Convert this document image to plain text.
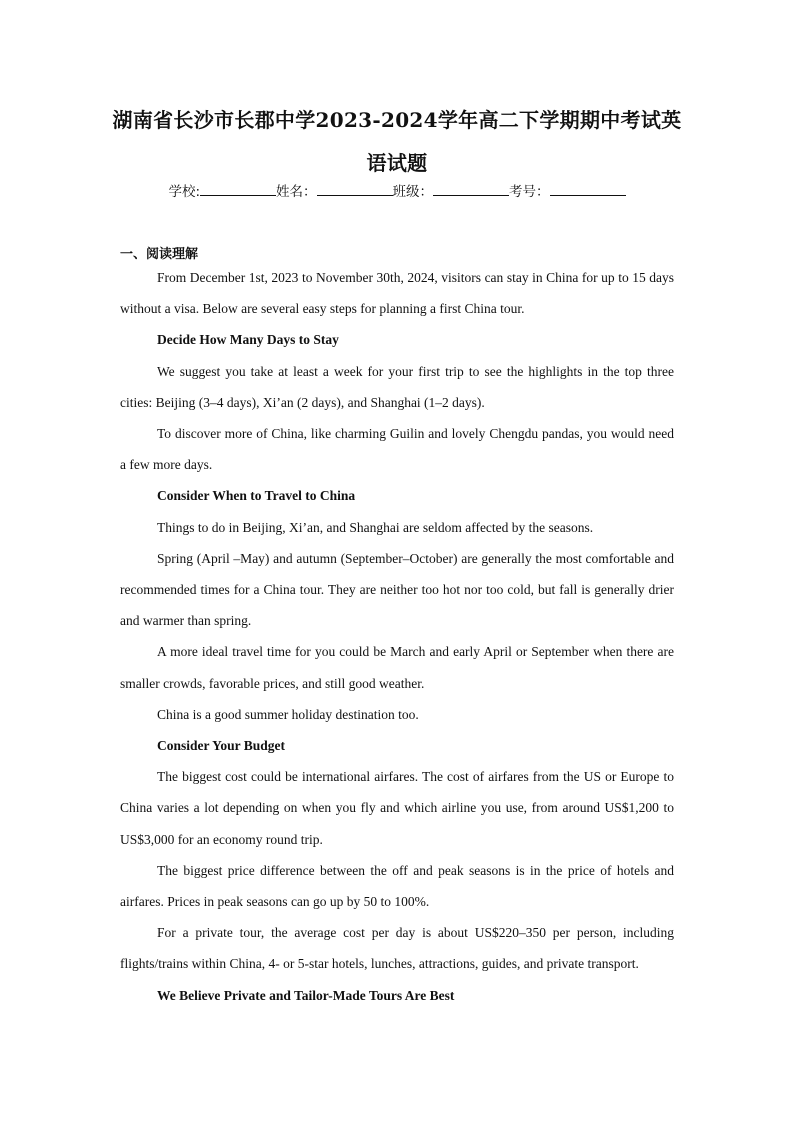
湖南省长沙市长郡中学2023-2024学年高二下学期期中考试英
语试题
学校:	姓名：	班级：	考号：
一、阅读理解

From December 1st, 2023 to November 30th, 2024, visitors can stay in China for up to 15 days without a visa. Below are several easy steps for planning a first China tour.

Decide How Many Days to Stay

We suggest you take at least a week for your first trip to see the highlights in the top three cities: Beijing (3–4 days), Xi’an (2 days), and Shanghai (1–2 days).

To discover more of China, like charming Guilin and lovely Chengdu pandas, you would need a few more days.

Consider When to Travel to China

Things to do in Beijing, Xi’an, and Shanghai are seldom affected by the seasons.

Spring (April –May) and autumn (September–October) are generally the most comfortable and recommended times for a China tour. They are neither too hot nor too cold, but fall is generally drier and warmer than spring.

A more ideal travel time for you could be March and early April or September when there are smaller crowds, favorable prices, and still good weather.

China is a good summer holiday destination too.

Consider Your Budget

The biggest cost could be international airfares. The cost of airfares from the US or Europe to China varies a lot depending on when you fly and which airline you use, from around US$1,200 to US$3,000 for an economy round trip.

The biggest price difference between the off and peak seasons is in the price of hotels and airfares. Prices in peak seasons can go up by 50 to 100%.

For a private tour, the average cost per day is about US$220–350 per person, including flights/trains within China, 4- or 5-star hotels, lunches, attractions, guides, and private transport.

We Believe Private and Tailor-Made Tours Are Best
